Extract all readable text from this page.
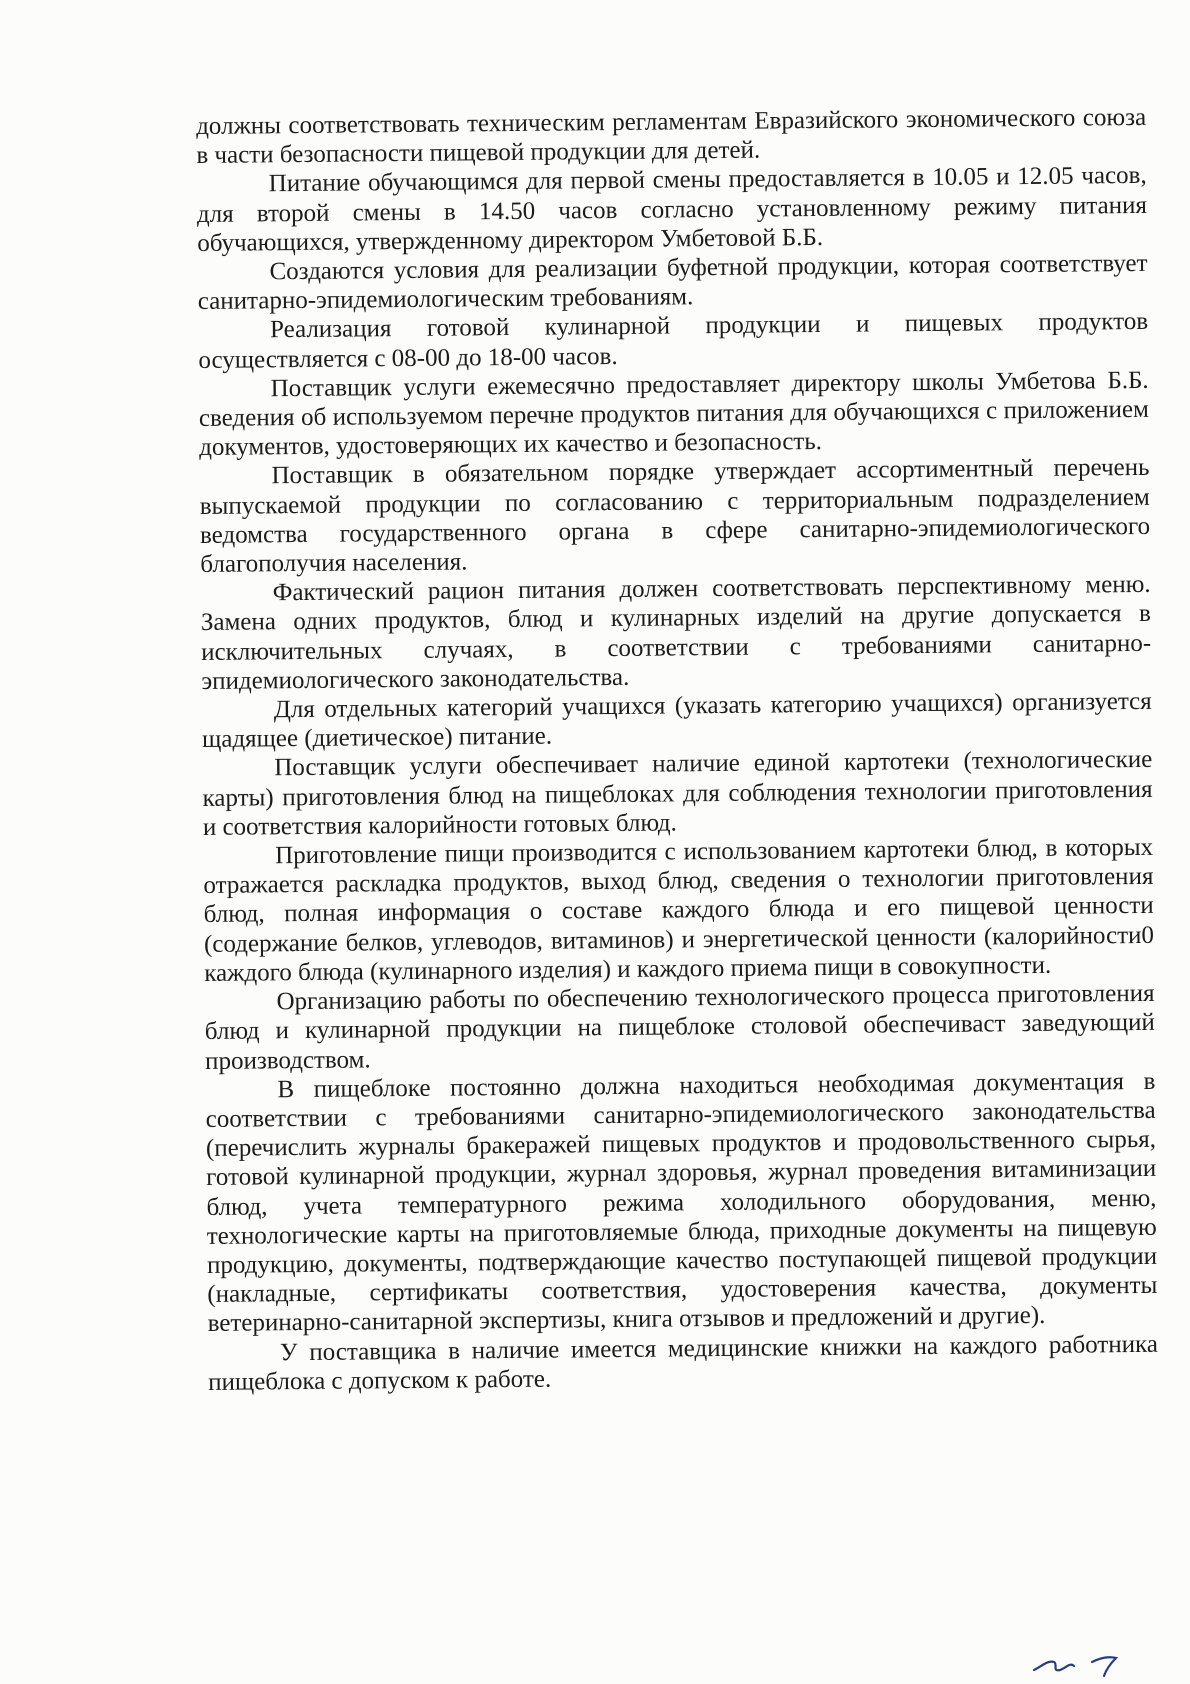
должны соответствовать техническим регламентам Евразийского экономического союза в части безопасности пищевой продукции для детей.

Питание обучающимся для первой смены предоставляется в 10.05 и 12.05 часов, для второй смены в 14.50 часов согласно установленному режиму питания обучающихся, утвержденному директором Умбетовой Б.Б.

Создаются условия для реализации буфетной продукции, которая соответствует санитарно-эпидемиологическим требованиям.

Реализация готовой кулинарной продукции и пищевых продуктов осуществляется с 08-00 до 18-00 часов.

Поставщик услуги ежемесячно предоставляет директору школы Умбетова Б.Б. сведения об используемом перечне продуктов питания для обучающихся с приложением документов, удостоверяющих их качество и безопасность.

Поставщик в обязательном порядке утверждает ассортиментный перечень выпускаемой продукции по согласованию с территориальным подразделением ведомства государственного органа в сфере санитарно-эпидемиологического благополучия населения.

Фактический рацион питания должен соответствовать перспективному меню. Замена одних продуктов, блюд и кулинарных изделий на другие допускается в исключительных случаях, в соответствии с требованиями санитарно-эпидемиологического законодательства.

Для отдельных категорий учащихся (указать категорию учащихся) организуется щадящее (диетическое) питание.

Поставщик услуги обеспечивает наличие единой картотеки (технологические карты) приготовления блюд на пищеблоках для соблюдения технологии приготовления и соответствия калорийности готовых блюд.

Приготовление пищи производится с использованием картотеки блюд, в которых отражается раскладка продуктов, выход блюд, сведения о технологии приготовления блюд, полная информация о составе каждого блюда и его пищевой ценности (содержание белков, углеводов, витаминов) и энергетической ценности (калорийности0 каждого блюда (кулинарного изделия) и каждого приема пищи в совокупности.

Организацию работы по обеспечению технологического процесса приготовления блюд и кулинарной продукции на пищеблоке столовой обеспечиваст заведующий производством.

В пищеблоке постоянно должна находиться необходимая документация в соответствии с требованиями санитарно-эпидемиологического законодательства (перечислить журналы бракеражей пищевых продуктов и продовольственного сырья, готовой кулинарной продукции, журнал здоровья, журнал проведения витаминизации блюд, учета температурного режима холодильного оборудования, меню, технологические карты на приготовляемые блюда, приходные документы на пищевую продукцию, документы, подтверждающие качество поступающей пищевой продукции (накладные, сертификаты соответствия, удостоверения качества, документы ветеринарно-санитарной экспертизы, книга отзывов и предложений и другие).

У поставщика в наличие имеется медицинские книжки на каждого работника пищеблока с допуском к работе.
